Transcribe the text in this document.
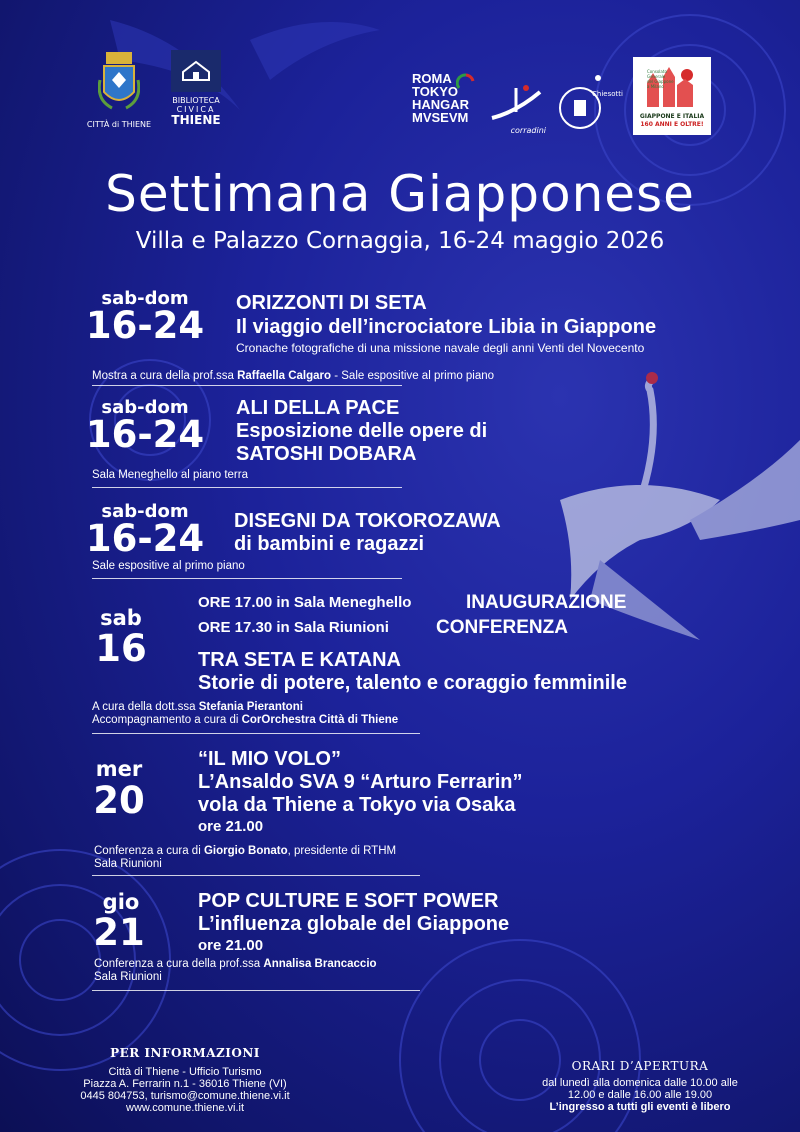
CITTÀ di THIENE
BIBLIOTECA
CIVICA
THIENE
ROMA
TOKYO
HANGAR
MVSEVM
corradini
Chiesotti
Consolato
Generale
del Giappone
a Milano
GIAPPONE E ITALIA
160 ANNI E OLTRE!
Settimana Giapponese
Villa e Palazzo Cornaggia, 16-24 maggio 2026
sab-dom
16-24
ORIZZONTI DI SETA
Il viaggio dell’incrociatore Libia in Giappone
Cronache fotografiche di una missione navale degli anni Venti del Novecento
Mostra a cura della prof.ssa Raffaella Calgaro - Sale espositive al primo piano
sab-dom
16-24
ALI DELLA PACE
Esposizione delle opere di
SATOSHI DOBARA
Sala Meneghello al piano terra
sab-dom
16-24 DISEGNI DA TOKOROZAWA
di bambini e ragazzi
Sale espositive al primo piano
sab
16
ORE 17.00 in Sala Meneghello	INAUGURAZIONE
ORE 17.30 in Sala Riunioni CONFERENZA
TRA SETA E KATANA
Storie di potere, talento e coraggio femminile
A cura della dott.ssa Stefania Pierantoni
Accompagnamento a cura di CorOrchestra Città di Thiene
mer
20
“IL MIO VOLO”
L’Ansaldo SVA 9 “Arturo Ferrarin”
vola da Thiene a Tokyo via Osaka
ore 21.00
Conferenza a cura di Giorgio Bonato, presidente di RTHM
Sala Riunioni
gio
21
POP CULTURE E SOFT POWER
L’influenza globale del Giappone
ore 21.00
Conferenza a cura della prof.ssa Annalisa Brancaccio
Sala Riunioni
PER INFORMAZIONI
Città di Thiene - Ufficio Turismo
Piazza A. Ferrarin n.1 - 36016 Thiene (VI)
0445 804753, turismo@comune.thiene.vi.it
www.comune.thiene.vi.it
ORARI D’APERTURA
dal lunedì alla domenica dalle 10.00 alle
12.00 e dalle 16.00 alle 19.00
L’ingresso a tutti gli eventi è libero
